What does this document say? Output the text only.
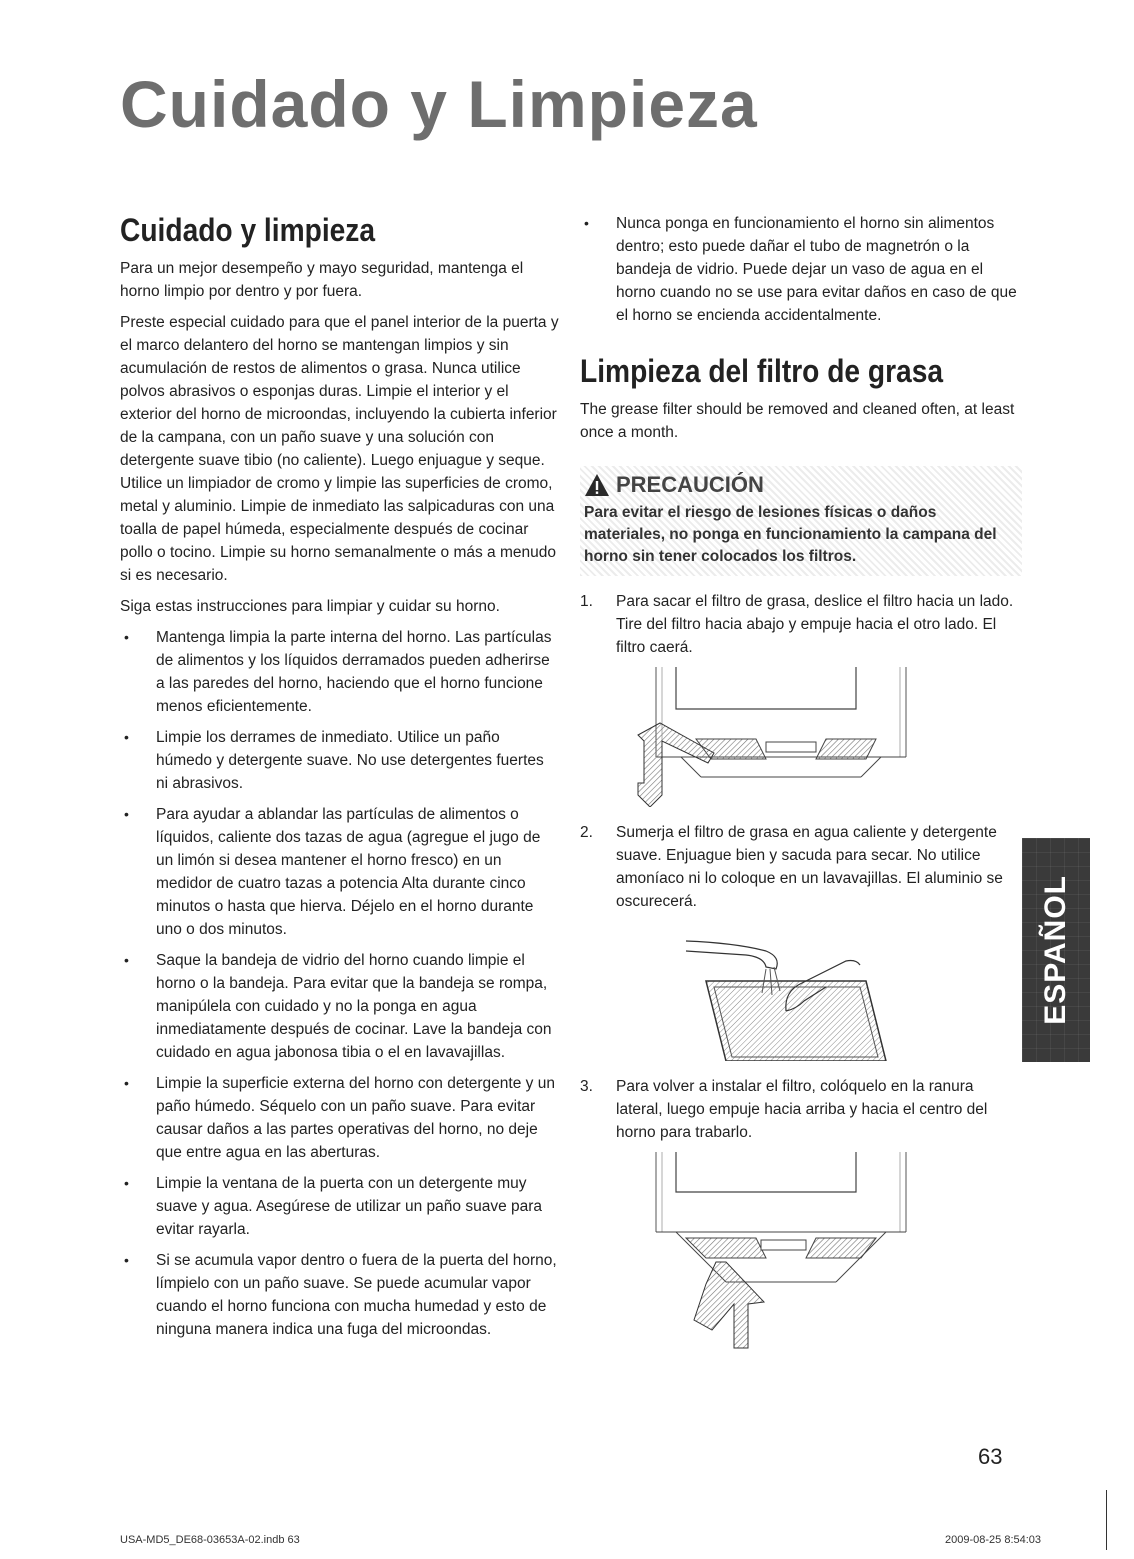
Cuidado y Limpieza
Cuidado y limpieza

Para un mejor desempeño y mayo seguridad, mantenga el horno limpio por dentro y por fuera.

Preste especial cuidado para que el panel interior de la puerta y el marco delantero del horno se mantengan limpios y sin acumulación de restos de alimentos o grasa. Nunca utilice polvos abrasivos o esponjas duras. Limpie el interior y el exterior del horno de microondas, incluyendo la cubierta inferior de la campana, con un paño suave y una solución con detergente suave tibio (no caliente). Luego enjuague y seque. Utilice un limpiador de cromo y limpie las superficies de cromo, metal y aluminio. Limpie de inmediato las salpicaduras con una toalla de papel húmeda, especialmente después de cocinar pollo o tocino. Limpie su horno semanalmente o más a menudo si es necesario.

Siga estas instrucciones para limpiar y cuidar su horno.

• Mantenga limpia la parte interna del horno. Las partículas de alimentos y los líquidos derramados pueden adherirse a las paredes del horno, haciendo que el horno funcione menos eficientemente.
• Limpie los derrames de inmediato. Utilice un paño húmedo y detergente suave. No use detergentes fuertes ni abrasivos.
• Para ayudar a ablandar las partículas de alimentos o líquidos, caliente dos tazas de agua (agregue el jugo de un limón si desea mantener el horno fresco) en un medidor de cuatro tazas a potencia Alta durante cinco minutos o hasta que hierva. Déjelo en el horno durante uno o dos minutos.
• Saque la bandeja de vidrio del horno cuando limpie el horno o la bandeja. Para evitar que la bandeja se rompa, manipúlela con cuidado y no la ponga en agua inmediatamente después de cocinar. Lave la bandeja con cuidado en agua jabonosa tibia o el en lavavajillas.
• Limpie la superficie externa del horno con detergente y un paño húmedo. Séquelo con un paño suave. Para evitar causar daños a las partes operativas del horno, no deje que entre agua en las aberturas.
• Limpie la ventana de la puerta con un detergente muy suave y agua. Asegúrese de utilizar un paño suave para evitar rayarla.
• Si se acumula vapor dentro o fuera de la puerta del horno, límpielo con un paño suave. Se puede acumular vapor cuando el horno funciona con mucha humedad y esto de ninguna manera indica una fuga del microondas.
• Nunca ponga en funcionamiento el horno sin alimentos dentro; esto puede dañar el tubo de magnetrón o la bandeja de vidrio. Puede dejar un vaso de agua en el horno cuando no se use para evitar daños en caso de que el horno se encienda accidentalmente.
Limpieza del filtro de grasa

The grease filter should be removed and cleaned often, at least once a month.

PRECAUCIÓN
Para evitar el riesgo de lesiones físicas o daños materiales, no ponga en funcionamiento la campana del horno sin tener colocados los filtros.
1. Para sacar el filtro de grasa, deslice el filtro hacia un lado. Tire del filtro hacia abajo y empuje hacia el otro lado. El filtro caerá.
2. Sumerja el filtro de grasa en agua caliente y detergente suave. Enjuague bien y sacuda para secar. No utilice amoníaco ni lo coloque en un lavavajillas. El aluminio se oscurecerá.
3. Para volver a instalar el filtro, colóquelo en la ranura lateral, luego empuje hacia arriba y hacia el centro del horno para trabarlo.
ESPAÑOL
63
USA-MD5_DE68-03653A-02.indb 63	2009-08-25 8:54:03
